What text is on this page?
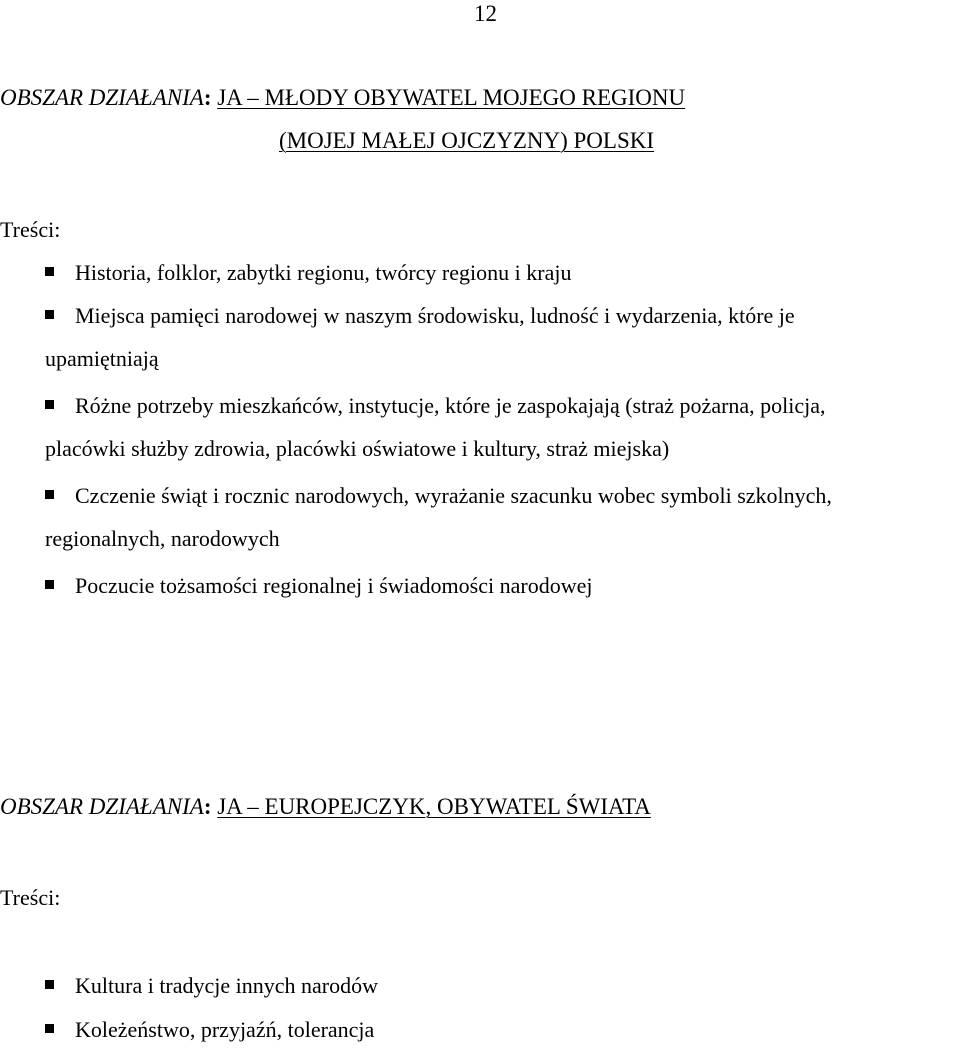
12
OBSZAR DZIAŁANIA: JA – MŁODY OBYWATEL MOJEGO REGIONU
(MOJEJ MAŁEJ OJCZYZNY) POLSKI
Treści:
Historia, folklor, zabytki regionu, twórcy regionu i kraju
Miejsca pamięci narodowej w naszym środowisku, ludność i wydarzenia, które je
upamiętniają
Różne potrzeby mieszkańców, instytucje, które je zaspokajają (straż pożarna, policja,
placówki służby zdrowia, placówki oświatowe i kultury, straż miejska)
Czczenie świąt i rocznic narodowych, wyrażanie szacunku wobec symboli szkolnych,
regionalnych, narodowych
Poczucie tożsamości regionalnej i świadomości narodowej
OBSZAR DZIAŁANIA: JA – EUROPEJCZYK, OBYWATEL ŚWIATA
Treści:
Kultura i tradycje innych narodów
Koleżeństwo, przyjaźń, tolerancja
